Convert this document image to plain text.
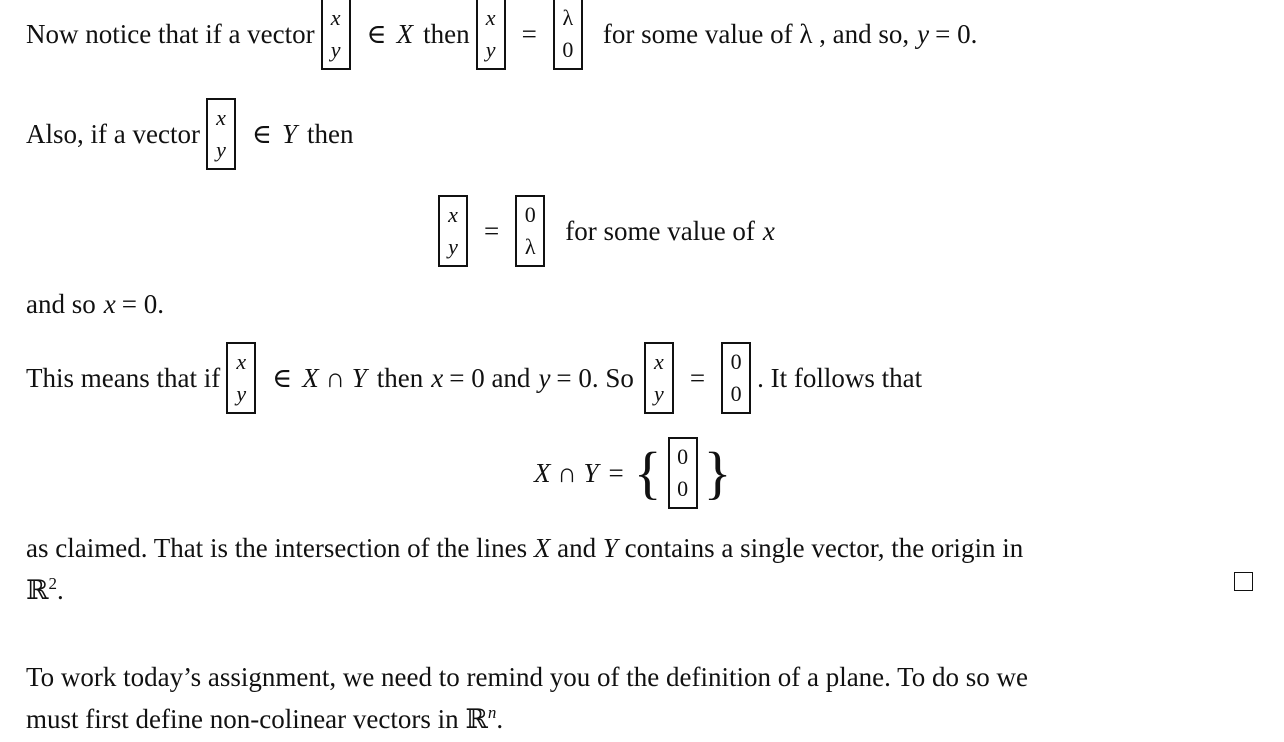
Now notice that if a vector
x
y
∈ X then
x
y
=
λ
0
for some value of λ , and so, y = 0.
Also, if a vector
x
y
∈ Y then
x
y
=
0
λ
for some value of x
and so x = 0.
This means that if
x
y
∈ X ∩ Y then x = 0 and y = 0. So
x
y
=
0
0
. It follows that
X ∩ Y = { 0
0 }
as claimed. That is the intersection of the lines X and Y contains a single vector, the origin in
ℝ$^2$.
To work today’s assignment, we need to remind you of the definition of a plane. To do so we
must first define non-colinear vectors in ℝ$^n$.
